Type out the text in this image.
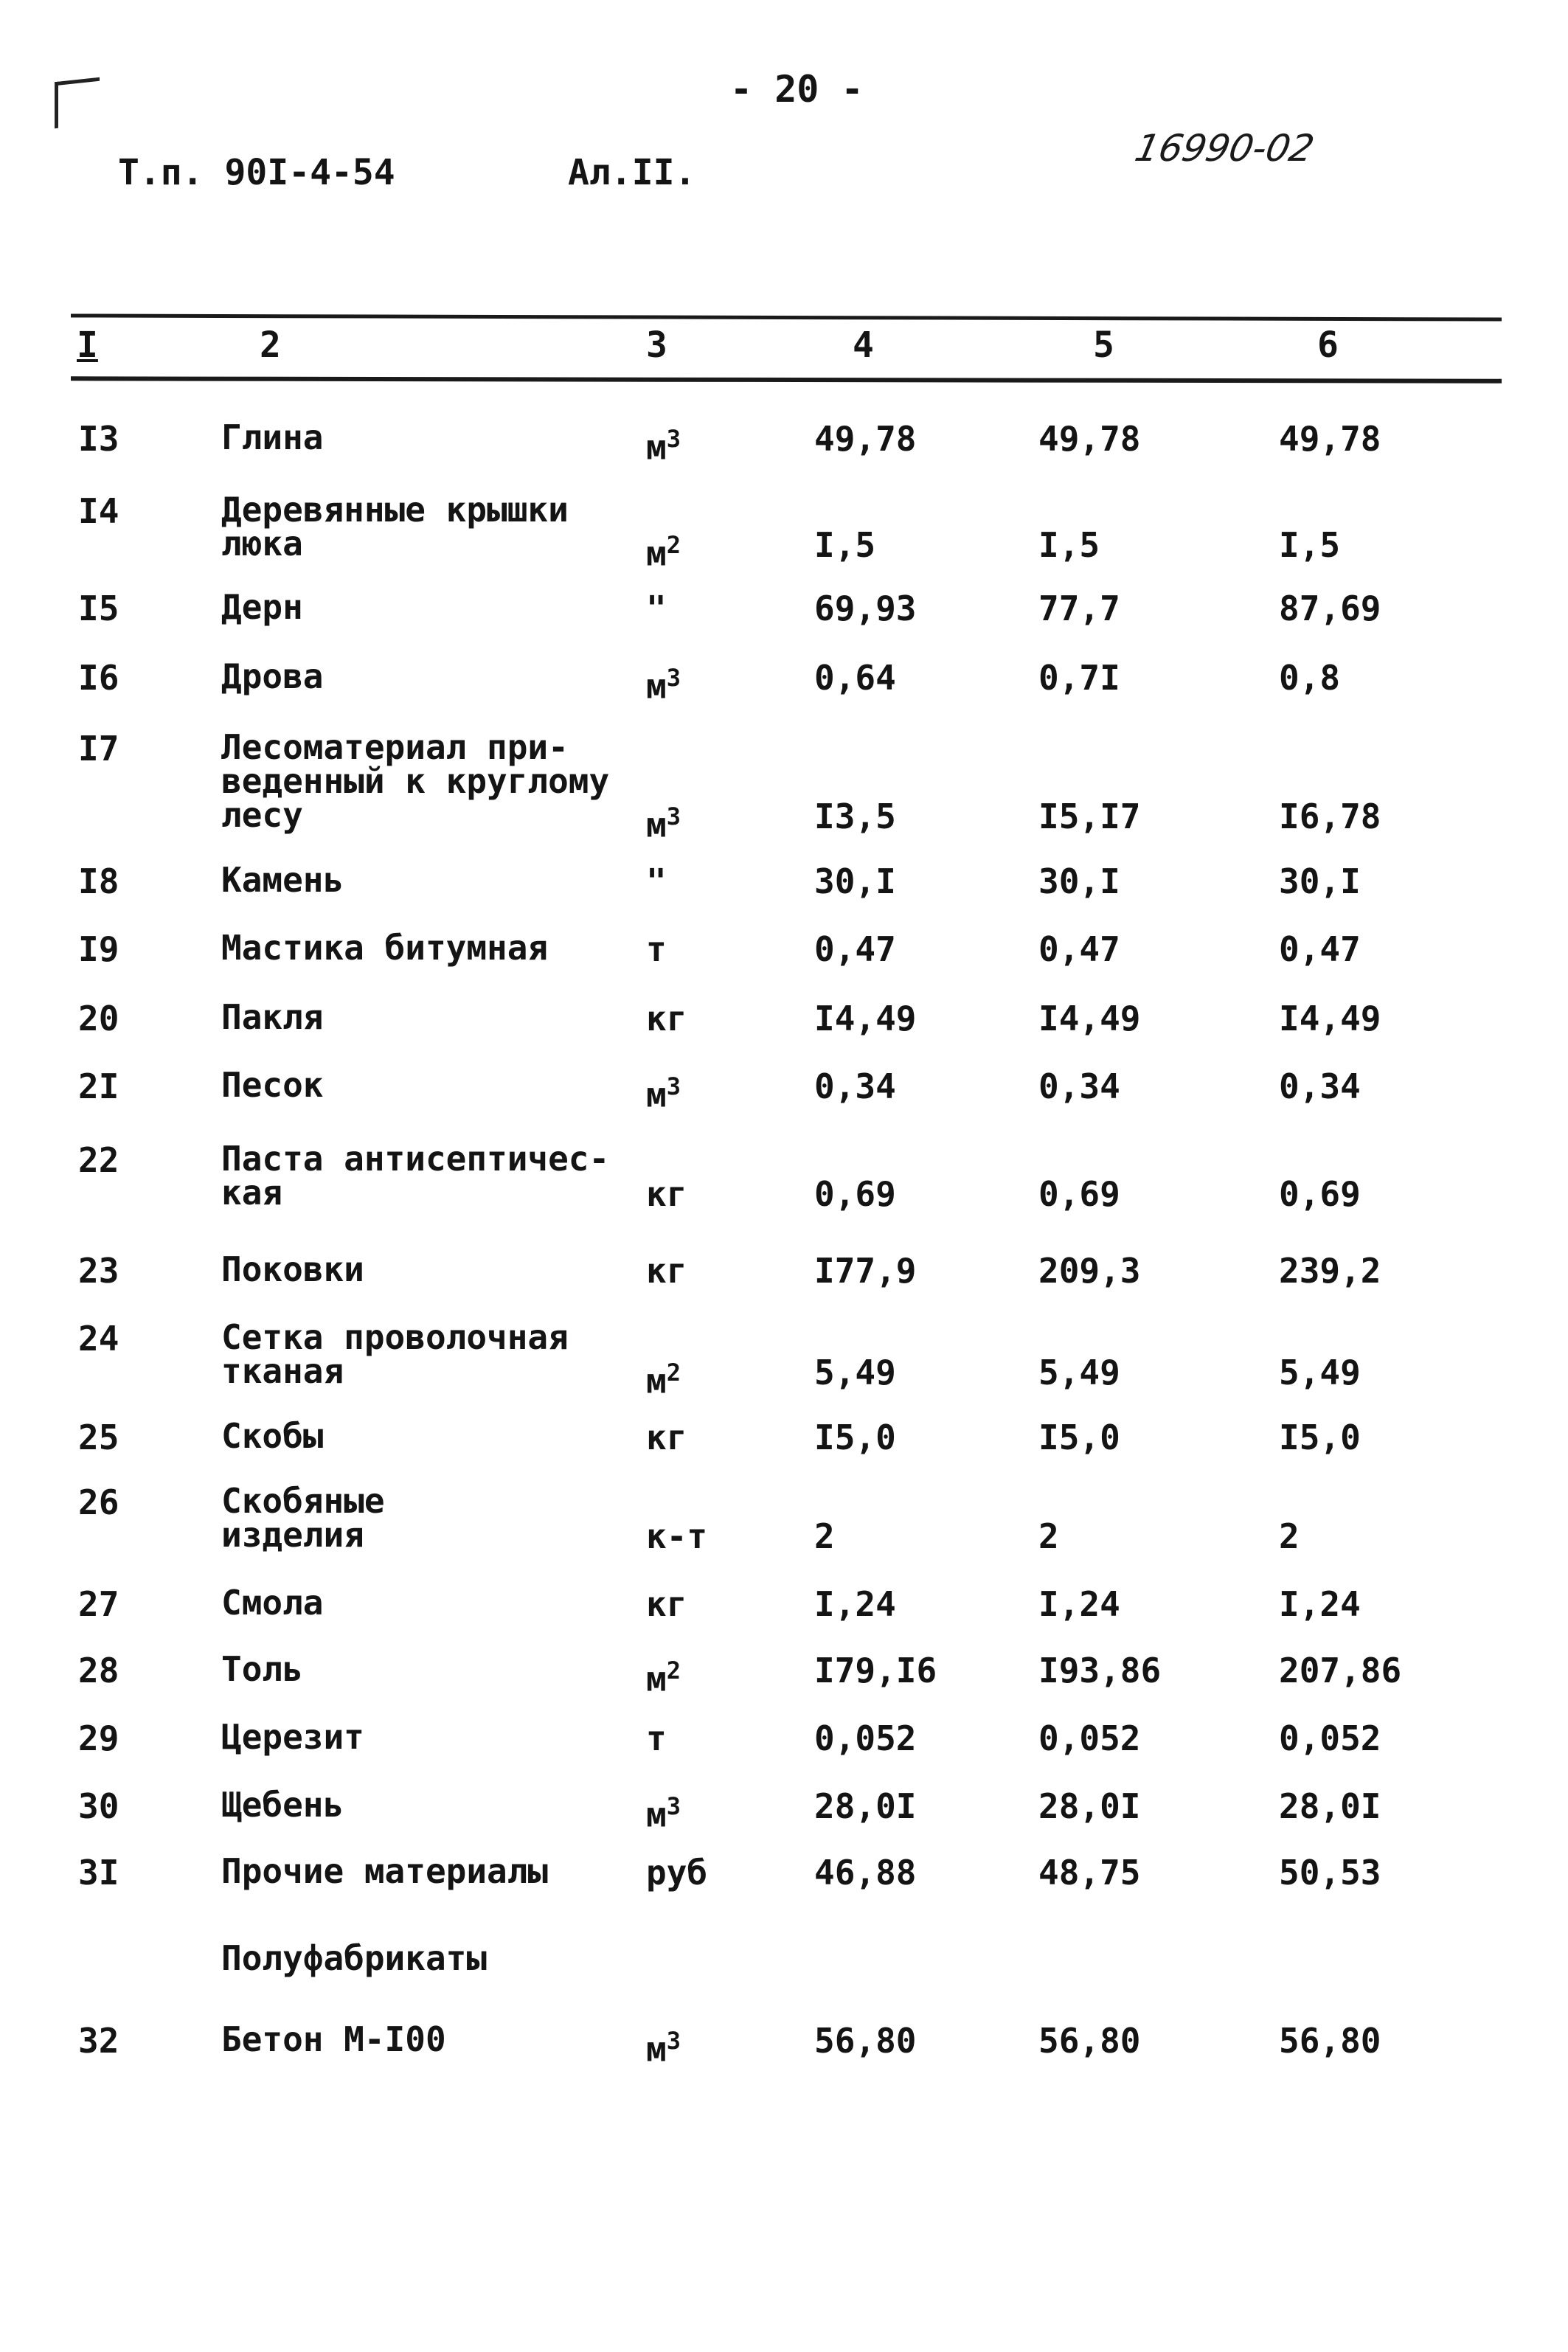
- 20 -
Т.п. 90I-4-54	Ал.II.
16990-02
I	2	3	4	5	6
I3	Глина	$м^3$	49,78	49,78	49,78
I4	Деревянные крышки
люка	$м^2$	I,5	I,5	I,5
I5	Дерн	"	69,93	77,7	87,69
I6	Дрова	$м^3$	0,64	0,7I	0,8
I7	Лесоматериал при-
веденный к круглому
лесу	$м^3$	I3,5	I5,I7	I6,78
I8	Камень	"	30,I	30,I	30,I
I9	Мастика битумная	т	0,47	0,47	0,47
20	Пакля	кг	I4,49	I4,49	I4,49
2I	Песок	$м^3$	0,34	0,34	0,34
22	Паста антисептичес-
кая	кг	0,69	0,69	0,69
23	Поковки	кг	I77,9	209,3	239,2
24	Сетка проволочная
тканая	$м^2$	5,49	5,49	5,49
25	Скобы	кг	I5,0	I5,0	I5,0
26	Скобяные
изделия	к-т	2	2	2
27	Смола	кг	I,24	I,24	I,24
28	Толь	$м^2$	I79,I6	I93,86	207,86
29	Церезит	т	0,052	0,052	0,052
30	Щебень	$м^3$	28,0I	28,0I	28,0I
3I	Прочие материалы	руб	46,88	48,75	50,53
Полуфабрикаты
32	Бетон М-I00	$м^3$	56,80	56,80	56,80
